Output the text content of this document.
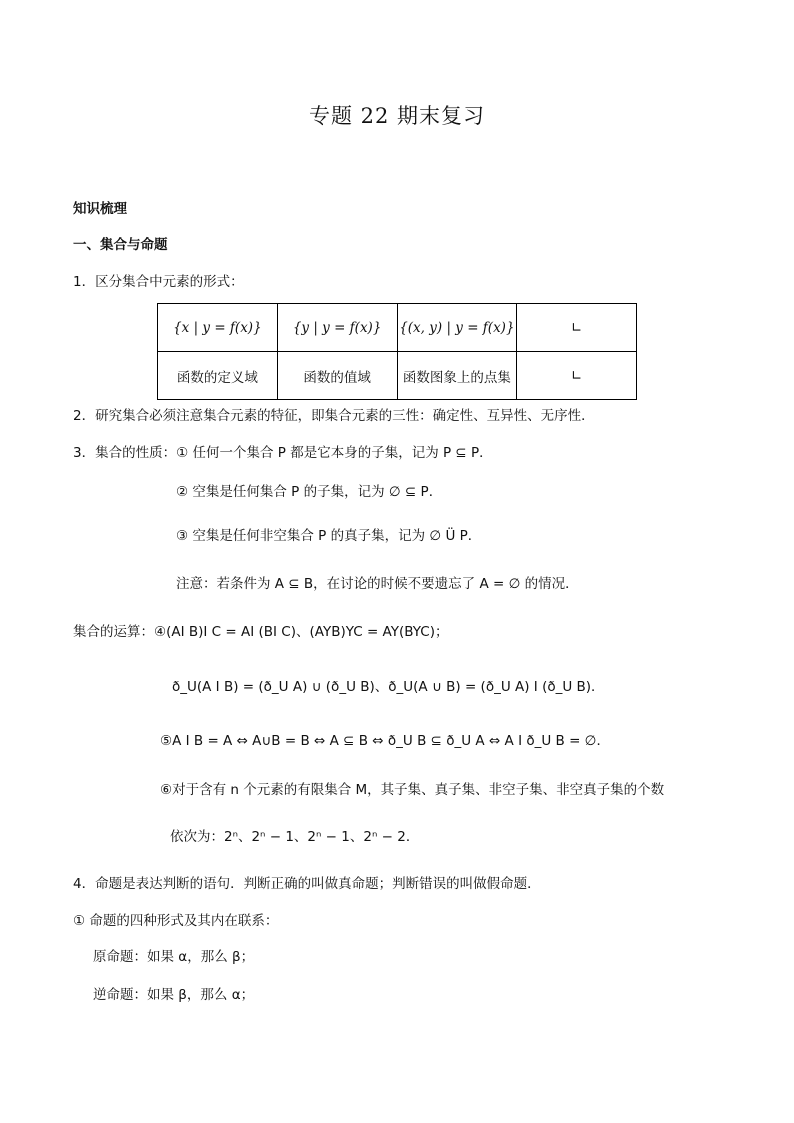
专题 22 期末复习
知识梳理
一、集合与命题
1．区分集合中元素的形式：
{x | y = f(x)}	{y | y = f(x)}	{(x, y) | y = f(x)}	∟
函数的定义域	函数的值域	函数图象上的点集	∟
2．研究集合必须注意集合元素的特征，即集合元素的三性：确定性、互异性、无序性．
3．集合的性质：① 任何一个集合 P 都是它本身的子集，记为 P ⊆ P．
② 空集是任何集合 P 的子集，记为 ∅ ⊆ P．
③ 空集是任何非空集合 P 的真子集，记为 ∅ Ü P．
注意：若条件为 A ⊆ B，在讨论的时候不要遗忘了 A = ∅ 的情况．
集合的运算：④(AI B)I C = AI (BI C)、(AYB)YC = AY(BYC)；
ð_U(A I B) = (ð_U A) ∪ (ð_U B)、ð_U(A ∪ B) = (ð_U A) I (ð_U B)．
⑤A I B = A ⇔ A∪B = B ⇔ A ⊆ B ⇔ ð_U B ⊆ ð_U A ⇔ A I ð_U B = ∅．
⑥对于含有 n 个元素的有限集合 M，其子集、真子集、非空子集、非空真子集的个数
依次为：2ⁿ、2ⁿ − 1、2ⁿ − 1、2ⁿ − 2．
4．命题是表达判断的语句．判断正确的叫做真命题；判断错误的叫做假命题．
① 命题的四种形式及其内在联系：
原命题：如果 α，那么 β；
逆命题：如果 β，那么 α；
